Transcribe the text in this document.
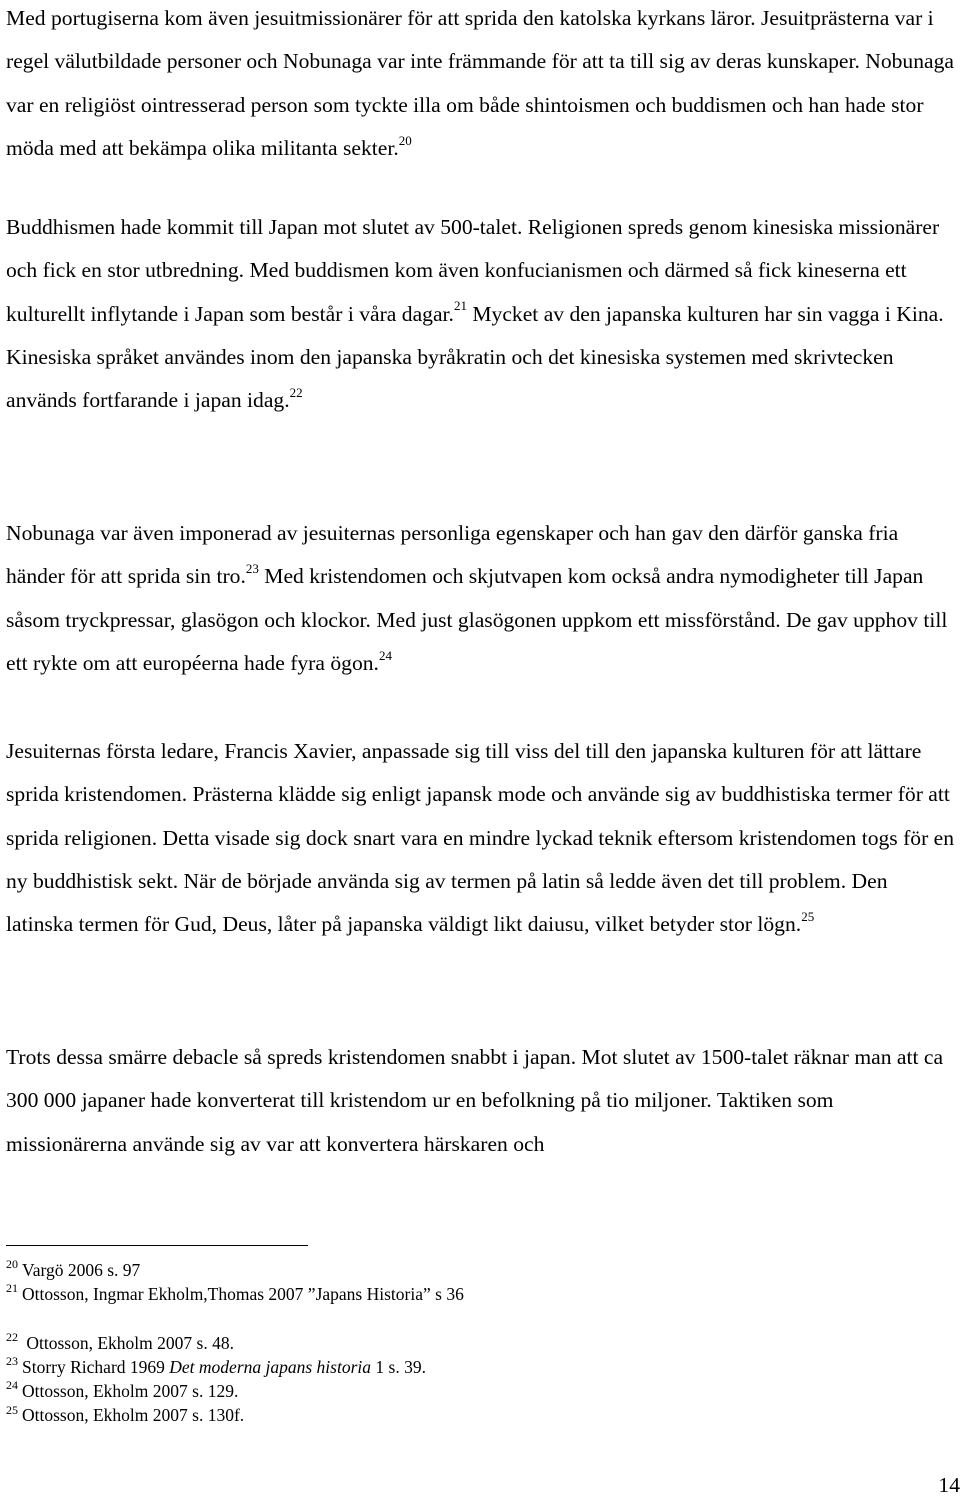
Med portugiserna kom även jesuitmissionärer för att sprida den katolska kyrkans läror. Jesuitprästerna var i regel välutbildade personer och Nobunaga var inte främmande för att ta till sig av deras kunskaper. Nobunaga var en religiöst ointresserad person som tyckte illa om både shintoismen och buddismen och han hade stor möda med att bekämpa olika militanta sekter.$^{20}$

Buddhismen hade kommit till Japan mot slutet av 500-talet. Religionen spreds genom kinesiska missionärer och fick en stor utbredning. Med buddismen kom även konfucianismen och därmed så fick kineserna ett kulturellt inflytande i Japan som består i våra dagar.$^{21}$ Mycket av den japanska kulturen har sin vagga i Kina. Kinesiska språket användes inom den japanska byråkratin och det kinesiska systemen med skrivtecken används fortfarande i japan idag.$^{22}$

Nobunaga var även imponerad av jesuiternas personliga egenskaper och han gav den därför ganska fria händer för att sprida sin tro.$^{23}$ Med kristendomen och skjutvapen kom också andra nymodigheter till Japan såsom tryckpressar, glasögon och klockor. Med just glasögonen uppkom ett missförstånd. De gav upphov till ett rykte om att européerna hade fyra ögon.$^{24}$

Jesuiternas första ledare, Francis Xavier, anpassade sig till viss del till den japanska kulturen för att lättare sprida kristendomen. Prästerna klädde sig enligt japansk mode och använde sig av buddhistiska termer för att sprida religionen. Detta visade sig dock snart vara en mindre lyckad teknik eftersom kristendomen togs för en ny buddhistisk sekt. När de började använda sig av termen på latin så ledde även det till problem. Den latinska termen för Gud, Deus, låter på japanska väldigt likt daiusu, vilket betyder stor lögn.$^{25}$

Trots dessa smärre debacle så spreds kristendomen snabbt i japan. Mot slutet av 1500-talet räknar man att ca 300 000 japaner hade konverterat till kristendom ur en befolkning på tio miljoner. Taktiken som missionärerna använde sig av var att konvertera härskaren och

$^{20}$ Vargö 2006 s. 97
$^{21}$ Ottosson, Ingmar Ekholm,Thomas 2007 ”Japans Historia” s 36
$^{22}$ Ottosson, Ekholm 2007 s. 48.
$^{23}$ Storry Richard 1969 Det moderna japans historia 1 s. 39.
$^{24}$ Ottosson, Ekholm 2007 s. 129.
$^{25}$ Ottosson, Ekholm 2007 s. 130f.
14
